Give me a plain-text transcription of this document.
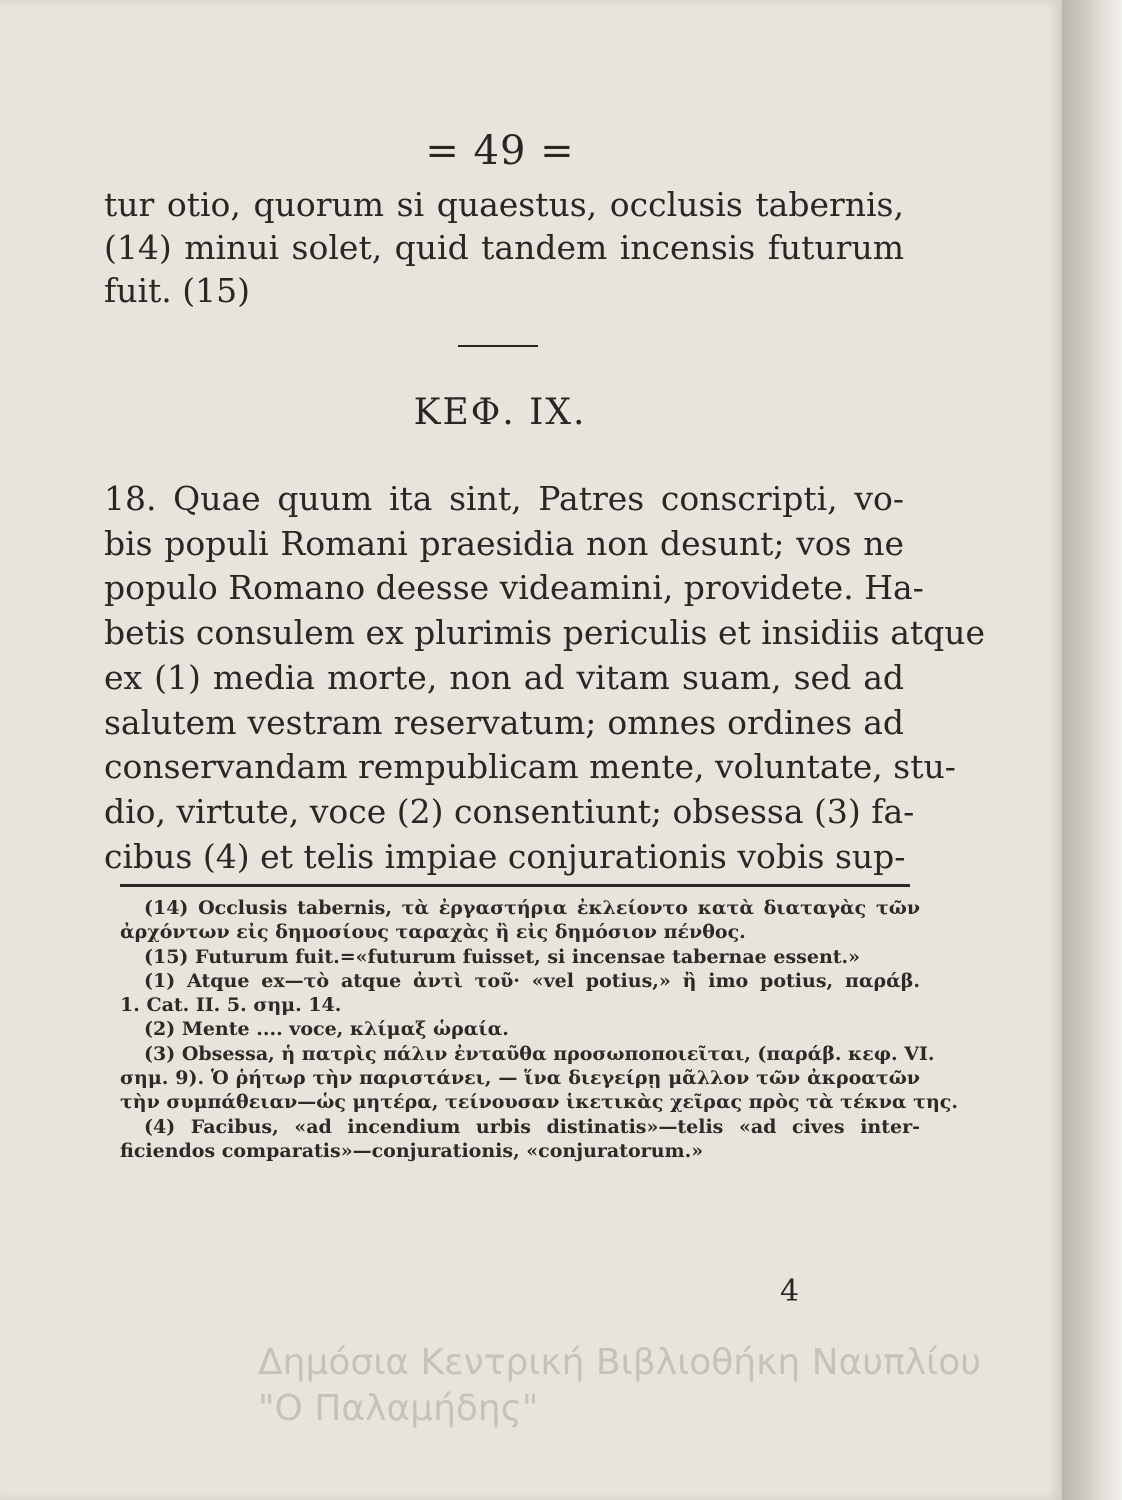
= 49 =
tur otio, quorum si quaestus, occlusis tabernis,
(14) minui solet, quid tandem incensis futurum
fuit. (15)
ΚΕΦ. ΙΧ.
18. Quae quum ita sint, Patres conscripti, vo-
bis populi Romani praesidia non desunt; vos ne
populo Romano deesse videamini, providete. Ha-
betis consulem ex plurimis periculis et insidiis atque
ex (1) media morte, non ad vitam suam, sed ad
salutem vestram reservatum; omnes ordines ad
conservandam rempublicam mente, voluntate, stu-
dio, virtute, voce (2) consentiunt; obsessa (3) fa-
cibus (4) et telis impiae conjurationis vobis sup-
(14) Occlusis tabernis, τὰ ἐργαστήρια ἐκλείοντο κατὰ διαταγὰς τῶν
ἀρχόντων εἰς δημοσίους ταραχὰς ἢ εἰς δημόσιον πένθος.
(15) Futurum fuit.=«futurum fuisset, si incensae tabernae essent.»
(1) Atque ex—τὸ atque ἀντὶ τοῦ· «vel potius,» ἢ imo potius, παράβ.
1. Cat. II. 5. σημ. 14.
(2) Mente .... voce, κλίμαξ ὡραία.
(3) Obsessa, ἡ πατρὶς πάλιν ἐνταῦθα προσωποποιεῖται, (παράβ. κεφ. VI.
σημ. 9). Ὁ ῥήτωρ τὴν παριστάνει, — ἵνα διεγείρῃ μᾶλλον τῶν ἀκροατῶν
τὴν συμπάθειαν—ὡς μητέρα, τείνουσαν ἱκετικὰς χεῖρας πρὸς τὰ τέκνα της.
(4) Facibus, «ad incendium urbis distinatis»—telis «ad cives inter-
ficiendos comparatis»—conjurationis, «conjuratorum.»
4
Δημόσια Κεντρική Βιβλιοθήκη Ναυπλίου
"Ο Παλαμήδης"
